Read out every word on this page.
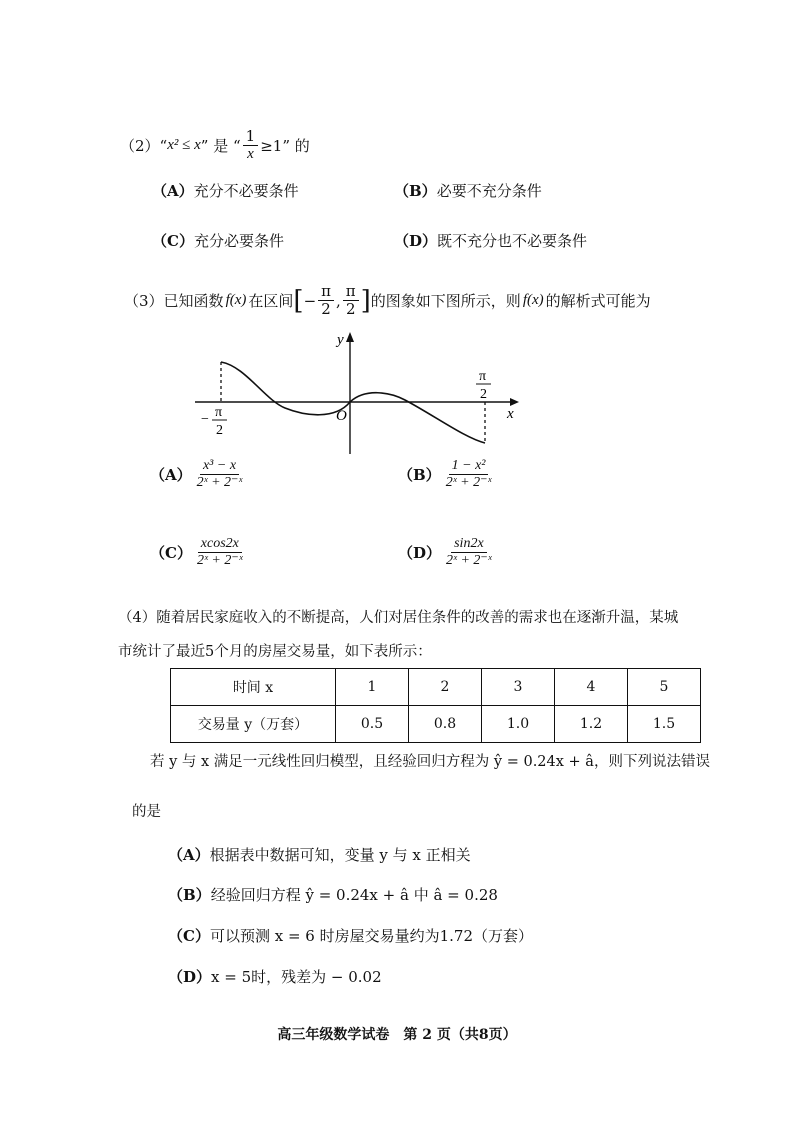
（2） “ x² ≤ x ” 是 “ $\frac{1}{x} \ge 1$ ” 的
（A）充分不必要条件	（B）必要不充分条件
（C）充分必要条件	（D）既不充分也不必要条件
（3） 已知函数 f(x) 在区间 [ − $\frac{\pi}{2}$ , $\frac{\pi}{2}$ ] 的图象如下图所示，则 f(x) 的解析式可能为
y
x
O
π
2
− π
2
$(A) \frac{\text{x³ − x}}{\text{2ˣ + 2⁻ˣ}}$	$(B) \frac{\text{1 − x²}}{\text{2ˣ + 2⁻ˣ}}$
$(C) \frac{xcos2x}{\text{2ˣ + 2⁻ˣ}}$	$(D) \frac{\sin 2x}{\text{2ˣ + 2⁻ˣ}}$
（4）随着居民家庭收入的不断提高，人们对居住条件的改善的需求也在逐渐升温，某城
市统计了最近5个月的房屋交易量，如下表所示：
时间 x	1	2	3	4	5
交易量 y（万套）	0.5	0.8	1.0	1.2	1.5
若 y 与 x 满足一元线性回归模型，且经验回归方程为 ŷ = 0.24x + â，则下列说法错误
的是
（A）根据表中数据可知，变量 y 与 x 正相关
（B）经验回归方程 ŷ = 0.24x + â 中 â = 0.28
（C）可以预测 x = 6 时房屋交易量约为1.72（万套）
（D）x = 5时，残差为 − 0.02
高三年级数学试卷　第 2 页（共8页）
